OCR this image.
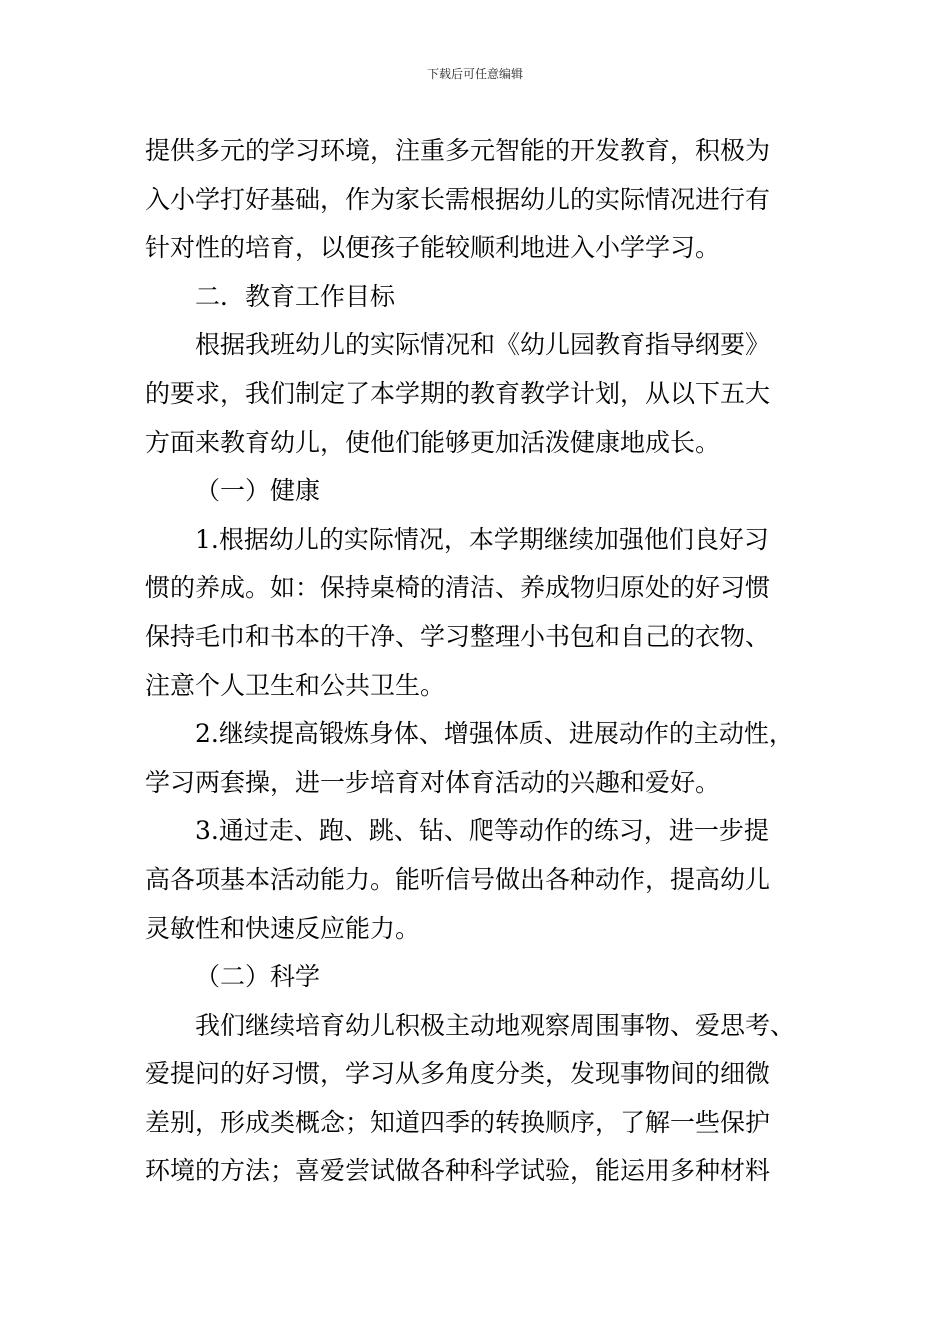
下载后可任意编辑
提供多元的学习环境，注重多元智能的开发教育，积极为
入小学打好基础，作为家长需根据幼儿的实际情况进行有
针对性的培育，以便孩子能较顺利地进入小学学习。
二．教育工作目标
根据我班幼儿的实际情况和《幼儿园教育指导纲要》
的要求，我们制定了本学期的教育教学计划，从以下五大
方面来教育幼儿，使他们能够更加活泼健康地成长。
（一）健康
1.根据幼儿的实际情况，本学期继续加强他们良好习
惯的养成。如：保持桌椅的清洁、养成物归原处的好习惯
保持毛巾和书本的干净、学习整理小书包和自己的衣物、
注意个人卫生和公共卫生。
2.继续提高锻炼身体、增强体质、进展动作的主动性，
学习两套操，进一步培育对体育活动的兴趣和爱好。
3.通过走、跑、跳、钻、爬等动作的练习，进一步提
高各项基本活动能力。能听信号做出各种动作，提高幼儿
灵敏性和快速反应能力。
（二）科学
我们继续培育幼儿积极主动地观察周围事物、爱思考、
爱提问的好习惯，学习从多角度分类，发现事物间的细微
差别，形成类概念；知道四季的转换顺序，了解一些保护
环境的方法；喜爱尝试做各种科学试验，能运用多种材料
